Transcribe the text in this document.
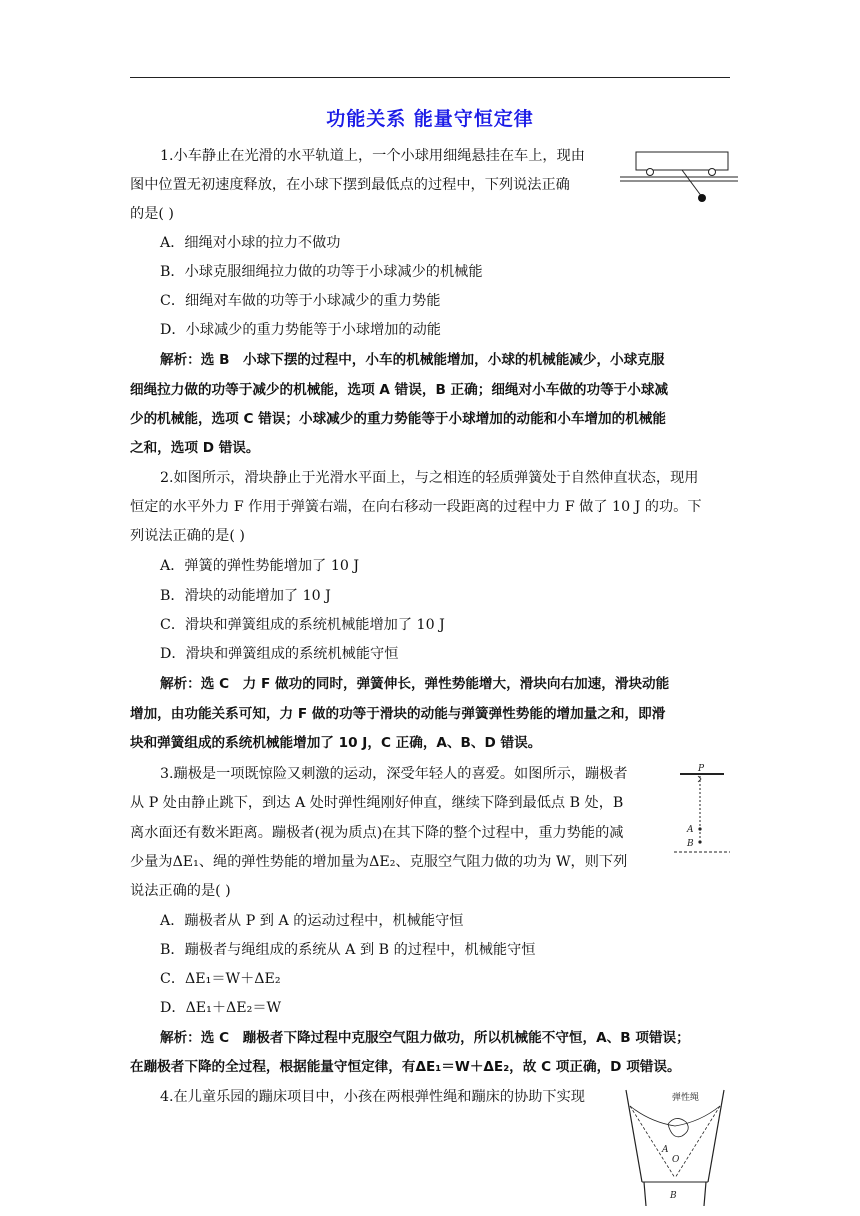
功能关系 能量守恒定律
1.小车静止在光滑的水平轨道上，一个小球用细绳悬挂在车上，现由
图中位置无初速度释放，在小球下摆到最低点的过程中，下列说法正确
的是( )
A．细绳对小球的拉力不做功
B．小球克服细绳拉力做的功等于小球减少的机械能
C．细绳对车做的功等于小球减少的重力势能
D．小球减少的重力势能等于小球增加的动能
解析：选 B　小球下摆的过程中，小车的机械能增加，小球的机械能减少，小球克服
细绳拉力做的功等于减少的机械能，选项 A 错误，B 正确；细绳对小车做的功等于小球减
少的机械能，选项 C 错误；小球减少的重力势能等于小球增加的动能和小车增加的机械能
之和，选项 D 错误。
2.如图所示，滑块静止于光滑水平面上，与之相连的轻质弹簧处于自然伸直状态，现用
恒定的水平外力 F 作用于弹簧右端，在向右移动一段距离的过程中力 F 做了 10 J 的功。下
列说法正确的是( )
A．弹簧的弹性势能增加了 10 J
B．滑块的动能增加了 10 J
C．滑块和弹簧组成的系统机械能增加了 10 J
D．滑块和弹簧组成的系统机械能守恒
解析：选 C　力 F 做功的同时，弹簧伸长，弹性势能增大，滑块向右加速，滑块动能
增加，由功能关系可知，力 F 做的功等于滑块的动能与弹簧弹性势能的增加量之和，即滑
块和弹簧组成的系统机械能增加了 10 J，C 正确，A、B、D 错误。
3.蹦极是一项既惊险又刺激的运动，深受年轻人的喜爱。如图所示，蹦极者
从 P 处由静止跳下，到达 A 处时弹性绳刚好伸直，继续下降到最低点 B 处，B
离水面还有数米距离。蹦极者(视为质点)在其下降的整个过程中，重力势能的减
少量为ΔE₁、绳的弹性势能的增加量为ΔE₂、克服空气阻力做的功为 W，则下列
说法正确的是( )
P
A
B
A．蹦极者从 P 到 A 的运动过程中，机械能守恒
B．蹦极者与绳组成的系统从 A 到 B 的过程中，机械能守恒
C．ΔE₁＝W＋ΔE₂
D．ΔE₁＋ΔE₂＝W
解析：选 C　蹦极者下降过程中克服空气阻力做功，所以机械能不守恒，A、B 项错误；
在蹦极者下降的全过程，根据能量守恒定律，有ΔE₁＝W＋ΔE₂，故 C 项正确，D 项错误。
4.在儿童乐园的蹦床项目中，小孩在两根弹性绳和蹦床的协助下实现	弹性绳
A
O
B
